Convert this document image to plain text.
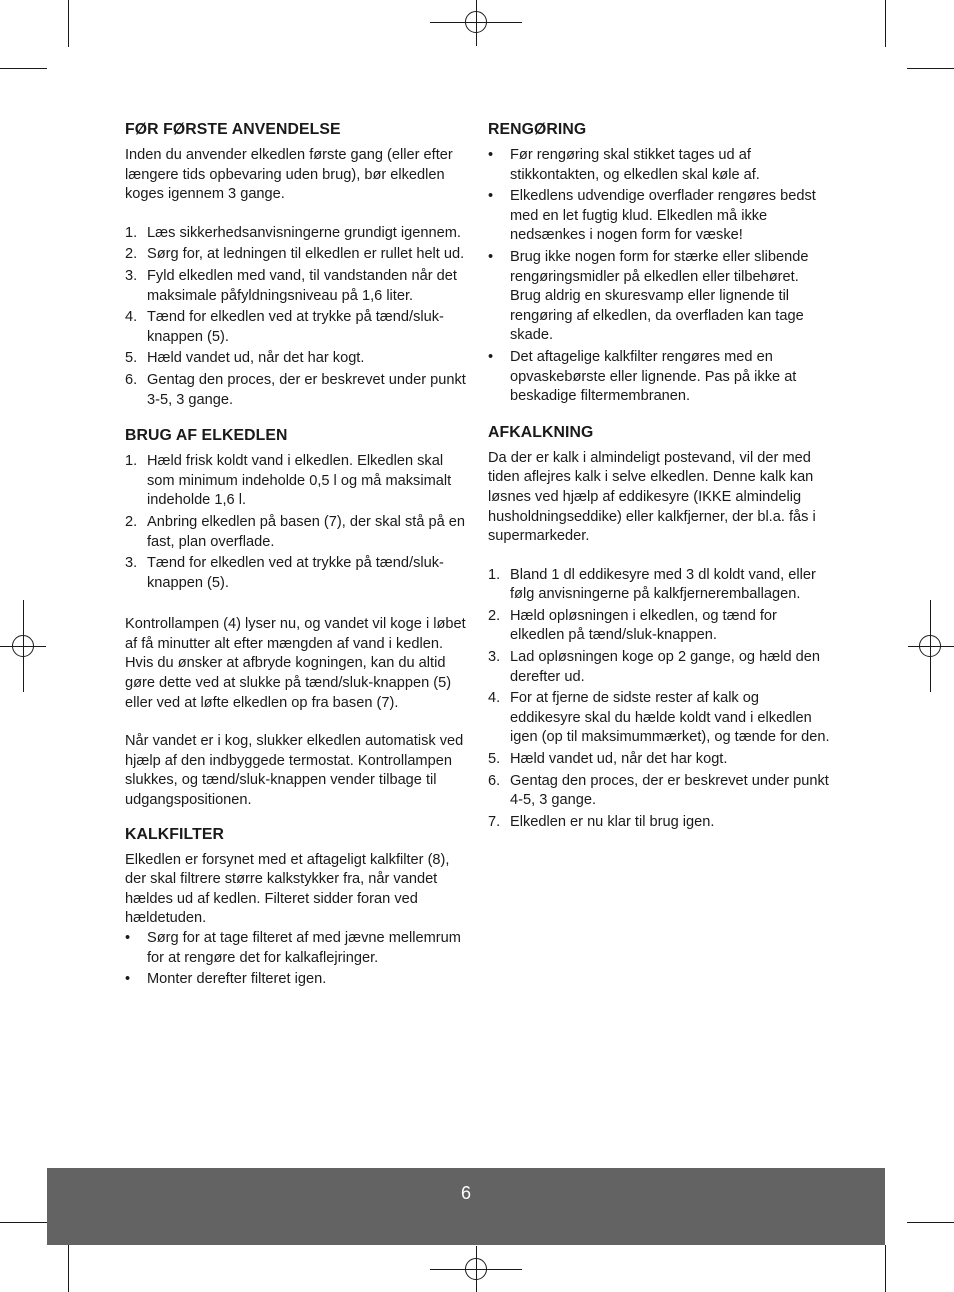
FØR FØRSTE ANVENDELSE

Inden du anvender elkedlen første gang (eller efter længere tids opbevaring uden brug), bør elkedlen koges igennem 3 gange.

1. Læs sikkerhedsanvisningerne grundigt igennem.
2. Sørg for, at ledningen til elkedlen er rullet helt ud.
3. Fyld elkedlen med vand, til vandstanden når det maksimale påfyldningsniveau på 1,6 liter.
4. Tænd for elkedlen ved at trykke på tænd/sluk-knappen (5).
5. Hæld vandet ud, når det har kogt.
6. Gentag den proces, der er beskrevet under punkt 3-5, 3 gange.
BRUG AF ELKEDLEN
1. Hæld frisk koldt vand i elkedlen. Elkedlen skal som minimum indeholde 0,5 l og må maksimalt indeholde 1,6 l.
2. Anbring elkedlen på basen (7), der skal stå på en fast, plan overflade.
3. Tænd for elkedlen ved at trykke på tænd/sluk-knappen (5).

Kontrollampen (4) lyser nu, og vandet vil koge i løbet af få minutter alt efter mængden af vand i kedlen. Hvis du ønsker at afbryde kogningen, kan du altid gøre dette ved at slukke på tænd/sluk-knappen (5) eller ved at løfte elkedlen op fra basen (7).

Når vandet er i kog, slukker elkedlen automatisk ved hjælp af den indbyggede termostat. Kontrollampen slukkes, og tænd/sluk-knappen vender tilbage til udgangspositionen.

KALKFILTER

Elkedlen er forsynet med et aftageligt kalkfilter (8), der skal filtrere større kalkstykker fra, når vandet hældes ud af kedlen. Filteret sidder foran ved hældetuden.

• Sørg for at tage filteret af med jævne mellemrum for at rengøre det for kalkaflejringer.
• Monter derefter filteret igen.
RENGØRING
• Før rengøring skal stikket tages ud af stikkontakten, og elkedlen skal køle af.
• Elkedlens udvendige overflader rengøres bedst med en let fugtig klud. Elkedlen må ikke nedsænkes i nogen form for væske!
• Brug ikke nogen form for stærke eller slibende rengøringsmidler på elkedlen eller tilbehøret. Brug aldrig en skuresvamp eller lignende til rengøring af elkedlen, da overfladen kan tage skade.
• Det aftagelige kalkfilter rengøres med en opvaskebørste eller lignende. Pas på ikke at beskadige filtermembranen.
AFKALKNING

Da der er kalk i almindeligt postevand, vil der med tiden aflejres kalk i selve elkedlen. Denne kalk kan løsnes ved hjælp af eddikesyre (IKKE almindelig husholdningseddike) eller kalkfjerner, der bl.a. fås i supermarkeder.

1. Bland 1 dl eddikesyre med 3 dl koldt vand, eller følg anvisningerne på kalkfjerneremballagen.
2. Hæld opløsningen i elkedlen, og tænd for elkedlen på tænd/sluk-knappen.
3. Lad opløsningen koge op 2 gange, og hæld den derefter ud.
4. For at fjerne de sidste rester af kalk og eddikesyre skal du hælde koldt vand i elkedlen igen (op til maksimummærket), og tænde for den.
5. Hæld vandet ud, når det har kogt.
6. Gentag den proces, der er beskrevet under punkt 4-5, 3 gange.
7. Elkedlen er nu klar til brug igen.
6
